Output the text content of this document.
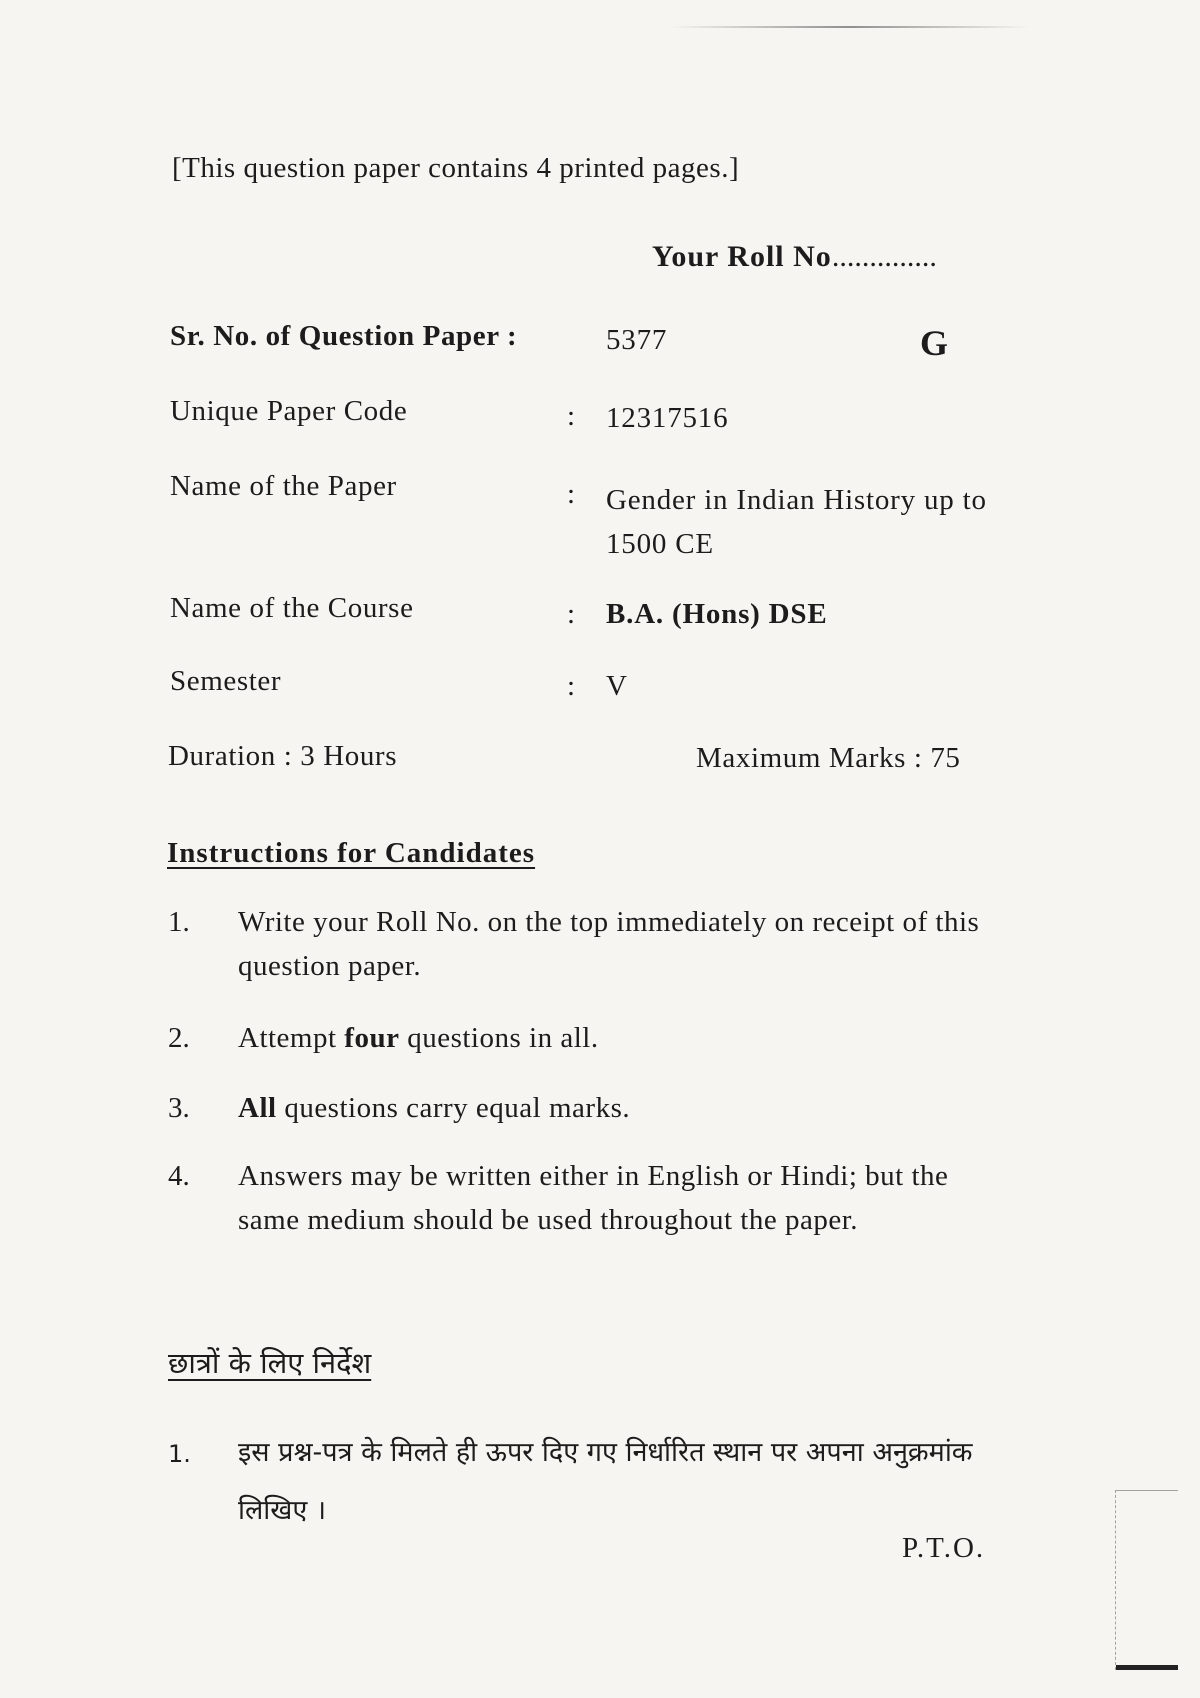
[This question paper contains 4 printed pages.]
Your Roll No..............
Sr. No. of Question Paper :	5377	G
Unique Paper Code	: 12317516
Name of the Paper	: Gender in Indian History up to 1500 CE
Name of the Course	: B.A. (Hons) DSE
Semester	: V
Duration : 3 Hours	Maximum Marks : 75
Instructions for Candidates
1. Write your Roll No. on the top immediately on receipt of this question paper.
2. Attempt four questions in all.
3. All questions carry equal marks.
4. Answers may be written either in English or Hindi; but the same medium should be used throughout the paper.
छात्रों के लिए निर्देश
1. इस प्रश्न-पत्र के मिलते ही ऊपर दिए गए निर्धारित स्थान पर अपना अनुक्रमांक लिखिए ।
P.T.O.
